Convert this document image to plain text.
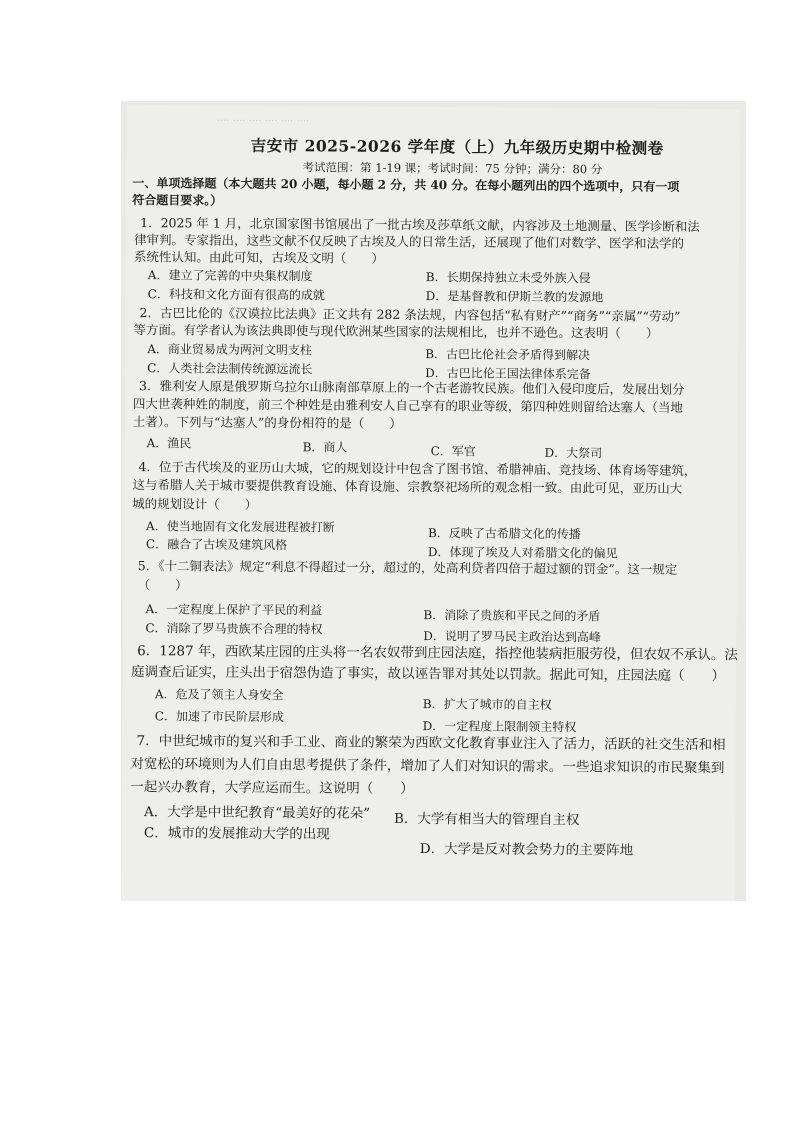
···· ···· ···· ···· ···· ····
吉安市 2025-2026 学年度（上）九年级历史期中检测卷
考试范围：第 1-19 课；考试时间：75 分钟；满分：80 分
一、单项选择题（本大题共 20 小题，每小题 2 分，共 40 分。在每小题列出的四个选项中，只有一项
符合题目要求。）
1．2025 年 1 月，北京国家图书馆展出了一批古埃及莎草纸文献，内容涉及土地测量、医学诊断和法
律审判。专家指出，这些文献不仅反映了古埃及人的日常生活，还展现了他们对数学、医学和法学的
系统性认知。由此可知，古埃及文明（　　）
A．建立了完善的中央集权制度	B．长期保持独立未受外族入侵
C．科技和文化方面有很高的成就	D．是基督教和伊斯兰教的发源地
2．古巴比伦的《汉谟拉比法典》正文共有 282 条法规，内容包括“私有财产”“商务”“亲属”“劳动”
等方面。有学者认为该法典即使与现代欧洲某些国家的法规相比，也并不逊色。这表明（　　）
A．商业贸易成为两河文明支柱	B．古巴比伦社会矛盾得到解决
C．人类社会法制传统源远流长	D．古巴比伦王国法律体系完备
3．雅利安人原是俄罗斯乌拉尔山脉南部草原上的一个古老游牧民族。他们入侵印度后，发展出划分
四大世袭种姓的制度，前三个种姓是由雅利安人自己享有的职业等级，第四种姓则留给达塞人（当地
土著）。下列与“达塞人”的身份相符的是（　　）
A．渔民	B．商人	C．军官	D．大祭司
4．位于古代埃及的亚历山大城，它的规划设计中包含了图书馆、希腊神庙、竞技场、体育场等建筑，
这与希腊人关于城市要提供教育设施、体育设施、宗教祭祀场所的观念相一致。由此可见，亚历山大
城的规划设计（　　）
A．使当地固有文化发展进程被打断	B．反映了古希腊文化的传播
C．融合了古埃及建筑风格
D．体现了埃及人对希腊文化的偏见
5．《十二铜表法》规定“利息不得超过一分，超过的，处高利贷者四倍于超过额的罚金”。这一规定
（　　）
A．一定程度上保护了平民的利益	B．消除了贵族和平民之间的矛盾
C．消除了罗马贵族不合理的特权
D．说明了罗马民主政治达到高峰
6．1287 年，西欧某庄园的庄头将一名农奴带到庄园法庭，指控他装病拒服劳役，但农奴不承认。法
庭调查后证实，庄头出于宿怨伪造了事实，故以诬告罪对其处以罚款。据此可知，庄园法庭（　　）
A．危及了领主人身安全
B．扩大了城市的自主权
C．加速了市民阶层形成
D．一定程度上限制领主特权
7．中世纪城市的复兴和手工业、商业的繁荣为西欧文化教育事业注入了活力，活跃的社交生活和相
对宽松的环境则为人们自由思考提供了条件，增加了人们对知识的需求。一些追求知识的市民聚集到
一起兴办教育，大学应运而生。这说明（　　）
A．大学是中世纪教育“最美好的花朵” B．大学有相当大的管理自主权
C．城市的发展推动大学的出现
D．大学是反对教会势力的主要阵地
